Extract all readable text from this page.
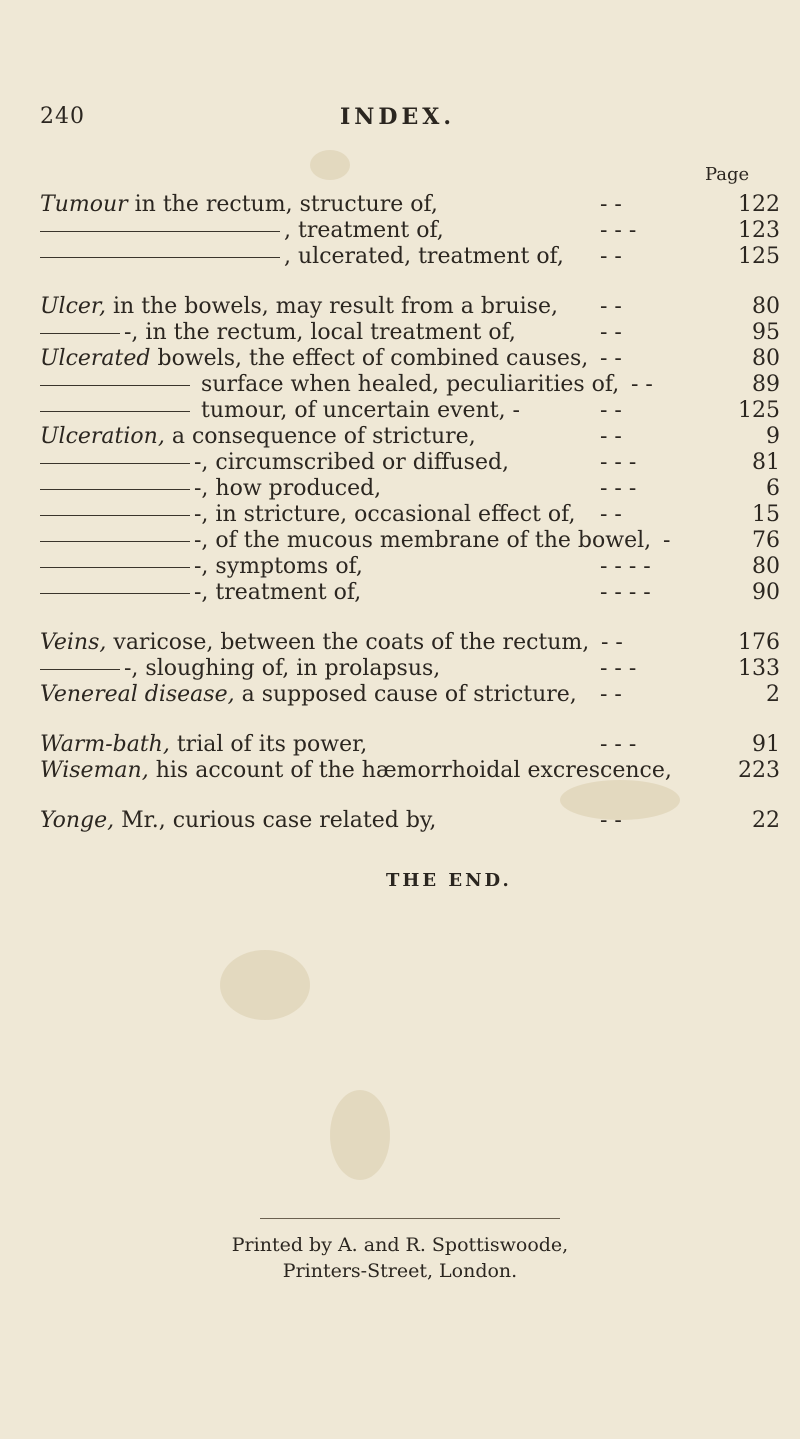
240	INDEX.
Page
Tumour in the rectum, structure of,	- -	122
, treatment of,	- - -	123
, ulcerated, treatment of, - -	125
Ulcer, in the bowels, may result from a bruise, - -	80
-, in the rectum, local treatment of,	- -	95
Ulcerated bowels, the effect of combined causes, - -	80
surface when healed, peculiarities of, - -	89
tumour, of uncertain event, -	- -	125
Ulceration, a consequence of stricture,	- -	9
-, circumscribed or diffused,	- - -	81
-, how produced,	- - -	6
-, in stricture, occasional effect of, - -	15
-, of the mucous membrane of the bowel, -	76
-, symptoms of,	- - - -	80
-, treatment of,	- - - -	90
Veins, varicose, between the coats of the rectum, - -	176
-, sloughing of, in prolapsus,	- - -	133
Venereal disease, a supposed cause of stricture, - -	2
Warm-bath, trial of its power,	- - -	91
Wiseman, his account of the hæmorrhoidal excrescence,	223
Yonge, Mr., curious case related by,	- -	22
THE END.
Printed by A. and R. Spottiswoode,
Printers-Street, London.
